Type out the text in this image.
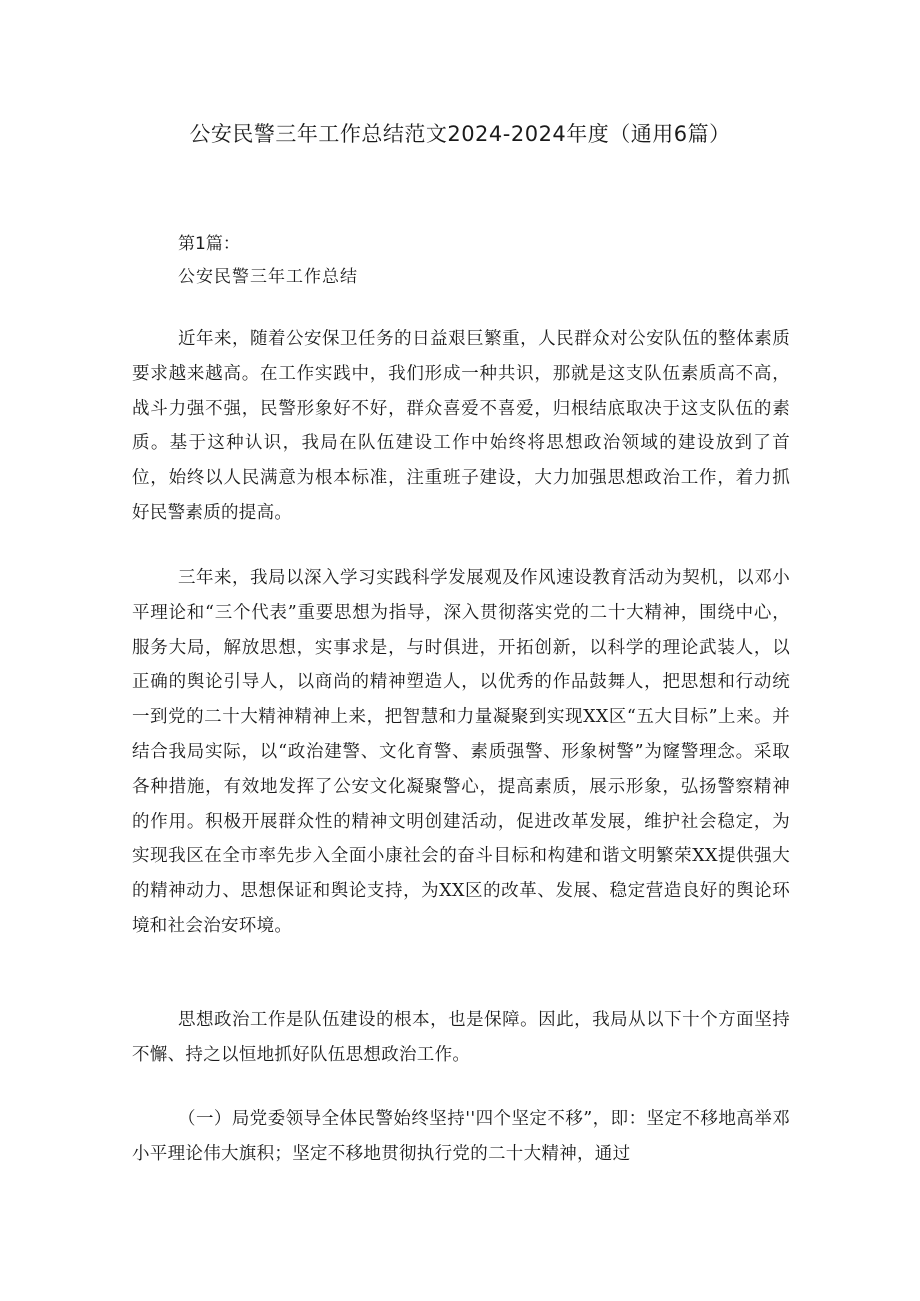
公安民警三年工作总结范文2024-2024年度（通用6篇）

第1篇：

公安民警三年工作总结

近年来，随着公安保卫任务的日益艰巨繁重，人民群众对公安队伍的整体素质要求越来越高。在工作实践中，我们形成一种共识，那就是这支队伍素质高不高，战斗力强不强，民警形象好不好，群众喜爱不喜爱，归根结底取决于这支队伍的素质。基于这种认识，我局在队伍建设工作中始终将思想政治领域的建设放到了首位，始终以人民满意为根本标准，注重班子建设，大力加强思想政治工作，着力抓好民警素质的提高。

三年来，我局以深入学习实践科学发展观及作风速设教育活动为契机，以邓小平理论和“三个代表”重要思想为指导，深入贯彻落实党的二十大精神，围绕中心，服务大局，解放思想，实事求是，与时俱进，开拓创新，以科学的理论武装人，以正确的舆论引导人，以商尚的精神塑造人，以优秀的作品鼓舞人，把思想和行动统一到党的二十大精神精神上来，把智慧和力量凝聚到实现XX区“五大目标”上来。并结合我局实际，以“政治建警、文化育警、素质强警、形象树警”为窿警理念。采取各种措施，有效地发挥了公安文化凝聚警心，提高素质，展示形象，弘扬警察精神的作用。积极开展群众性的精神文明创建活动，促进改革发展，维护社会稳定，为实现我区在全市率先步入全面小康社会的奋斗目标和构建和谐文明繁荣XX提供强大的精神动力、思想保证和舆论支持，为XX区的改革、发展、稳定营造良好的舆论环境和社会治安环境。

思想政治工作是队伍建设的根本，也是保障。因此，我局从以下十个方面坚持不懈、持之以恒地抓好队伍思想政治工作。

（一）局党委领导全体民警始终坚持''四个坚定不移”，即：坚定不移地高举邓小平理论伟大旗积；坚定不移地贯彻执行党的二十大精神，通过
